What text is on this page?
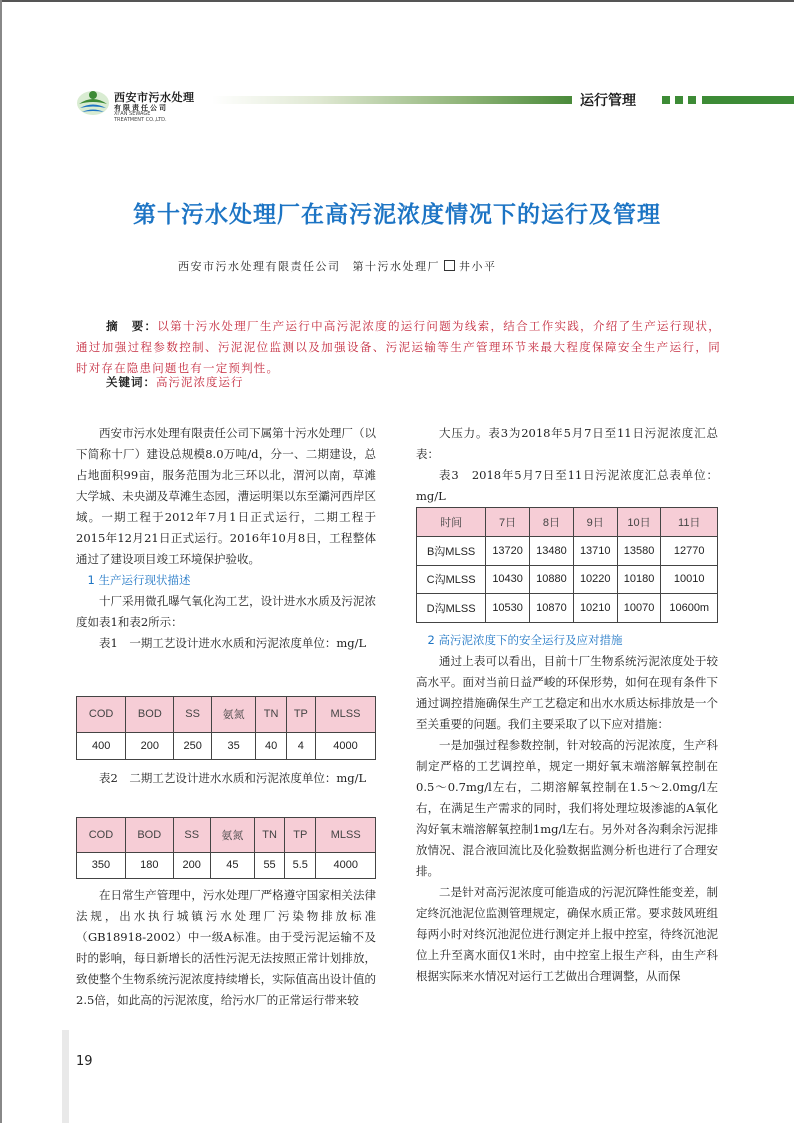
西安市污水处理
有限责任公司
XI'AN SEWAGE
TREATMENT CO.,LTD.
运行管理
第十污水处理厂在高污泥浓度情况下的运行及管理
西安市污水处理有限责任公司 第十污水处理厂 井小平
摘　要：以第十污水处理厂生产运行中高污泥浓度的运行问题为线索，结合工作实践，介绍了生产运行现状，通过加强过程参数控制、污泥泥位监测以及加强设备、污泥运输等生产管理环节来最大程度保障安全生产运行，同时对存在隐患问题也有一定预判性。
关键词：高污泥浓度运行

西安市污水处理有限责任公司下属第十污水处理厂（以下简称十厂）建设总规模8.0万吨/d，分一、二期建设，总占地面积99亩，服务范围为北三环以北，渭河以南，草滩大学城、未央湖及草滩生态园，漕运明渠以东至灞河西岸区域。一期工程于2012年7月1日正式运行，二期工程于2015年12月21日正式运行。2016年10月8日，工程整体通过了建设项目竣工环境保护验收。

1 生产运行现状描述

十厂采用微孔曝气氧化沟工艺，设计进水水质及污泥浓度如表1和表2所示：

表1　一期工艺设计进水水质和污泥浓度单位：mg/L

COD	BOD	SS	氨氮	TN	TP	MLSS
400	200	250	35	40	4	4000

表2　二期工艺设计进水水质和污泥浓度单位：mg/L

COD	BOD	SS	氨氮	TN	TP	MLSS
350	180	200	45	55	5.5	4000

在日常生产管理中，污水处理厂严格遵守国家相关法律法规，出水执行城镇污水处理厂污染物排放标准（GB18918-2002）中一级A标准。由于受污泥运输不及时的影响，每日新增长的活性污泥无法按照正常计划排放，致使整个生物系统污泥浓度持续增长，实际值高出设计值的2.5倍，如此高的污泥浓度，给污水厂的正常运行带来较

大压力。表3为2018年5月7日至11日污泥浓度汇总表：

表3　2018年5月7日至11日污泥浓度汇总表单位：mg/L

时间	7日	8日	9日	10日	11日
B沟MLSS	13720	13480	13710	13580	12770
C沟MLSS	10430	10880	10220	10180	10010
D沟MLSS	10530	10870	10210	10070	10600m

2 高污泥浓度下的安全运行及应对措施

通过上表可以看出，目前十厂生物系统污泥浓度处于较高水平。面对当前日益严峻的环保形势，如何在现有条件下通过调控措施确保生产工艺稳定和出水水质达标排放是一个至关重要的问题。我们主要采取了以下应对措施：

一是加强过程参数控制，针对较高的污泥浓度，生产科制定严格的工艺调控单，规定一期好氧末端溶解氧控制在0.5～0.7mg/l左右，二期溶解氧控制在1.5～2.0mg/l左右，在满足生产需求的同时，我们将处理垃圾渗滤的A氧化沟好氧末端溶解氧控制1mg/l左右。另外对各沟剩余污泥排放情况、混合液回流比及化验数据监测分析也进行了合理安排。

二是针对高污泥浓度可能造成的污泥沉降性能变差，制定终沉池泥位监测管理规定，确保水质正常。要求鼓风班组每两小时对终沉池泥位进行测定并上报中控室，待终沉池泥位上升至离水面仅1米时，由中控室上报生产科，由生产科根据实际来水情况对运行工艺做出合理调整，从而保

19
